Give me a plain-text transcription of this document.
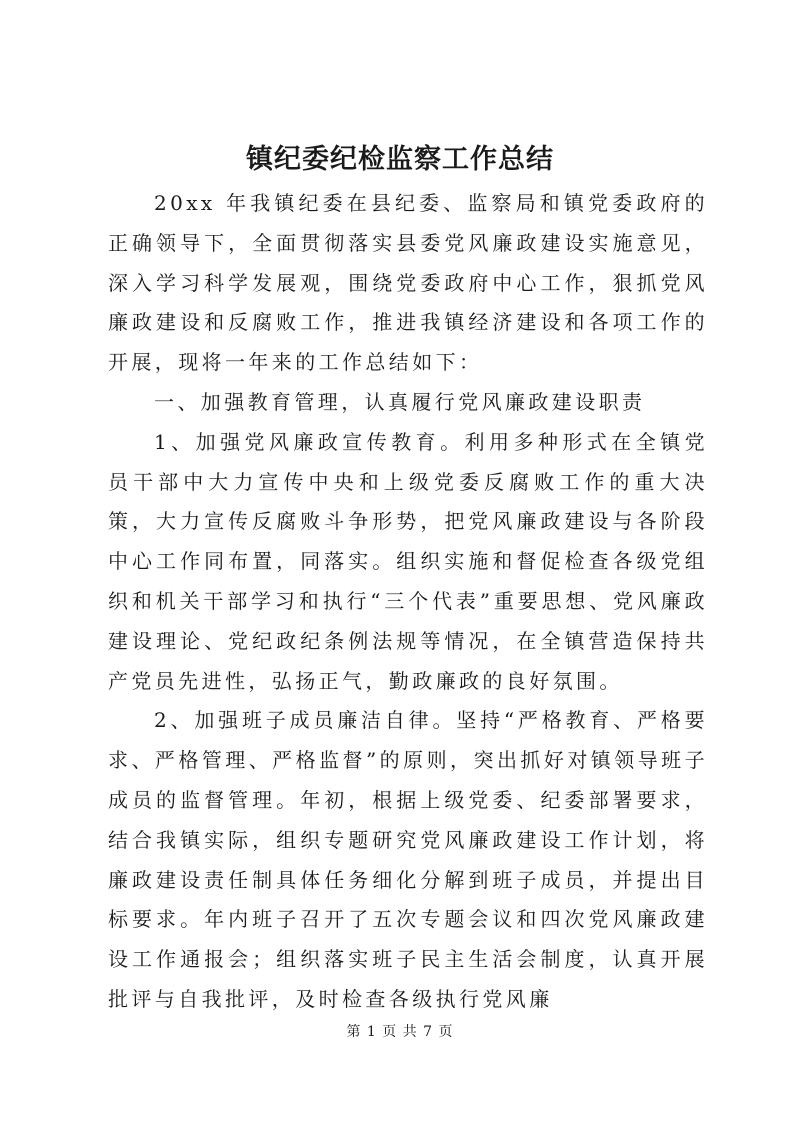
镇纪委纪检监察工作总结

20xx 年我镇纪委在县纪委、监察局和镇党委政府的正确领导下，全面贯彻落实县委党风廉政建设实施意见，深入学习科学发展观，围绕党委政府中心工作，狠抓党风廉政建设和反腐败工作，推进我镇经济建设和各项工作的开展，现将一年来的工作总结如下：

一、加强教育管理，认真履行党风廉政建设职责

1、加强党风廉政宣传教育。利用多种形式在全镇党员干部中大力宣传中央和上级党委反腐败工作的重大决策，大力宣传反腐败斗争形势，把党风廉政建设与各阶段中心工作同布置，同落实。组织实施和督促检查各级党组织和机关干部学习和执行“三个代表”重要思想、党风廉政建设理论、党纪政纪条例法规等情况，在全镇营造保持共产党员先进性，弘扬正气，勤政廉政的良好氛围。

2、加强班子成员廉洁自律。坚持“严格教育、严格要求、严格管理、严格监督”的原则，突出抓好对镇领导班子成员的监督管理。年初，根据上级党委、纪委部署要求，结合我镇实际，组织专题研究党风廉政建设工作计划，将廉政建设责任制具体任务细化分解到班子成员，并提出目标要求。年内班子召开了五次专题会议和四次党风廉政建设工作通报会；组织落实班子民主生活会制度，认真开展批评与自我批评，及时检查各级执行党风廉

第 1 页 共 7 页
